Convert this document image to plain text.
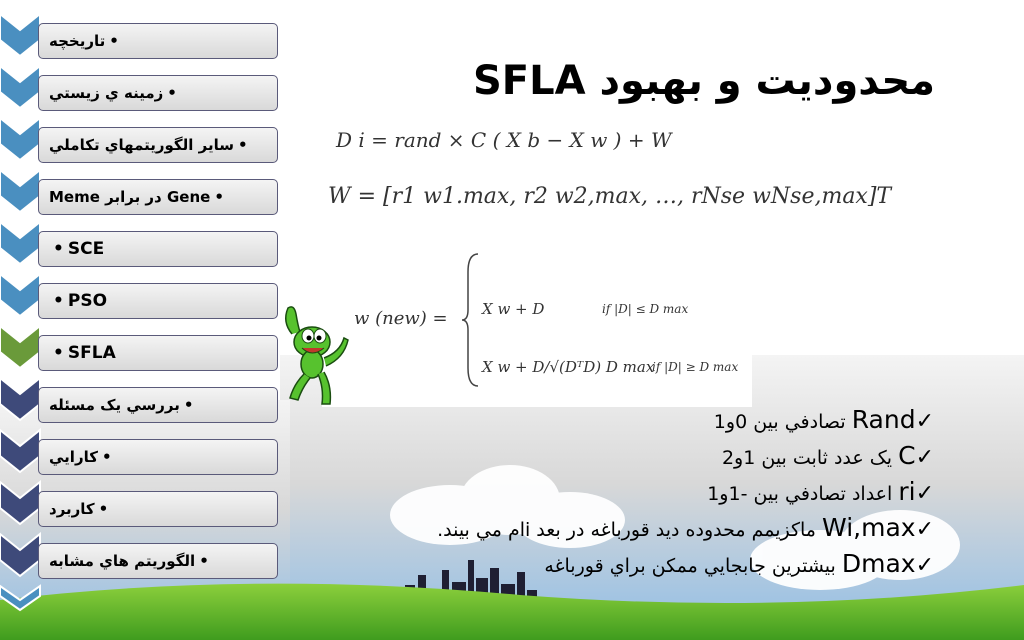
•
تاريخچه
•
زمينه ي زيستي
•
ساير الگوريتمهاي تكاملي
•
Gene در برابر Meme
• SCE
• PSO
• SFLA
•
بررسي يک مسئله
•
كارايي
•
كاربرد
•
الگوريتم هاي مشابه
محدوديت و بهبود SFLA
D i = rand × C ( X b − X w ) + W
W = [r1 w1.max, r2 w2,max, …, rNse wNse,max]T
w (new) = X w + D	if |D| ≤ D max
X w + D/√(DᵀD) D max
if |D| ≥ D max
✓Rand تصادفي بين 0و1
✓C يک عدد ثابت بين 1و2
✓ri اعداد تصادفي بين -1و1
✓Wi,max ماكزيمم محدوده ديد قورباغه در بعد iام مي بيند.
✓Dmax بيشترين جابجايي ممكن براي قورباغه
